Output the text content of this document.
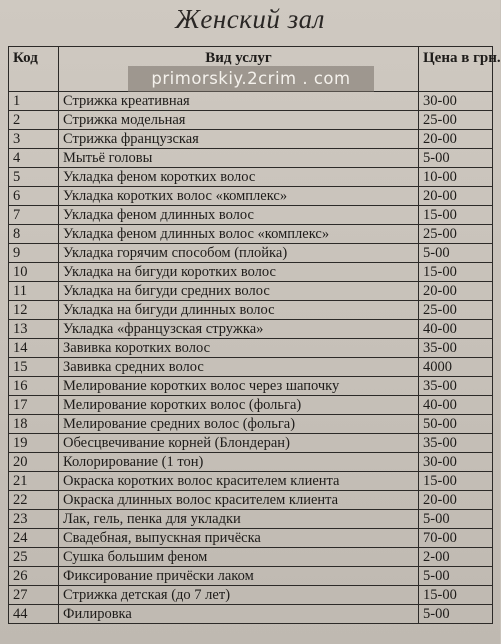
Женский зал
Код	Вид услуг	Цена в грн.
1	Стрижка креативная	30-00
2	Стрижка модельная	25-00
3	Стрижка французская	20-00
4	Мытьё головы	5-00
5	Укладка феном коротких волос	10-00
6	Укладка коротких волос «комплекс»	20-00
7	Укладка феном длинных волос	15-00
8	Укладка феном длинных волос «комплекс»	25-00
9	Укладка горячим способом (плойка)	5-00
10	Укладка на бигуди коротких волос	15-00
11	Укладка на бигуди средних волос	20-00
12	Укладка на бигуди длинных волос	25-00
13	Укладка «французская стружка»	40-00
14	Завивка коротких волос	35-00
15	Завивка средних волос	4000
16	Мелирование коротких волос через шапочку	35-00
17	Мелирование коротких волос (фольга)	40-00
18	Мелирование средних волос (фольга)	50-00
19	Обесцвечивание корней (Блондеран)	35-00
20	Колорирование (1 тон)	30-00
21	Окраска коротких волос красителем клиента	15-00
22	Окраска длинных волос красителем клиента	20-00
23	Лак, гель, пенка для укладки	5-00
24	Свадебная, выпускная причёска	70-00
25	Сушка большим феном	2-00
26	Фиксирование причёски лаком	5-00
27	Стрижка детская (до 7 лет)	15-00
44	Филировка	5-00
primorskiy.2crim . com
